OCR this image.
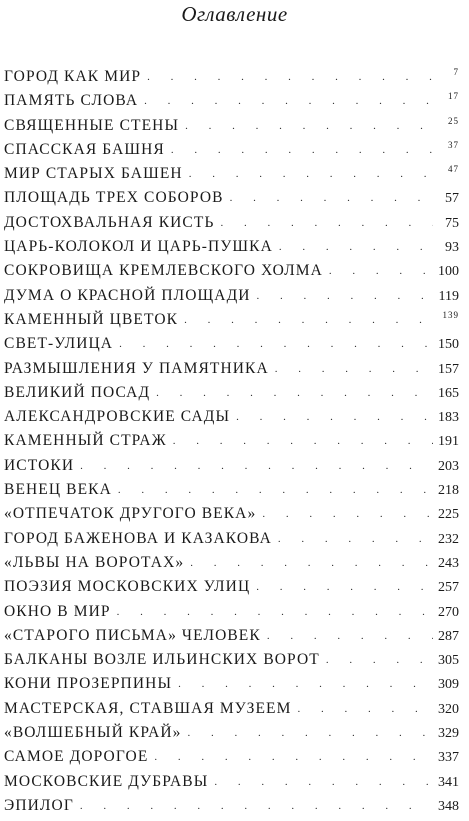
Оглавление
ГОРОД КАК МИР . . .	7
ПАМЯТЬ СЛОВА . . .	17
СВЯЩЕННЫЕ СТЕНЫ . . .	25
СПАССКАЯ БАШНЯ . . .	37
МИР СТАРЫХ БАШЕН . . .	47
ПЛОЩАДЬ ТРЕХ СОБОРОВ . . .	57
ДОСТОХВАЛЬНАЯ КИСТЬ . . .	75
ЦАРЬ-КОЛОКОЛ И ЦАРЬ-ПУШКА . . .	93
СОКРОВИЩА КРЕМЛЕВСКОГО ХОЛМА . . .	100
ДУМА О КРАСНОЙ ПЛОЩАДИ . . .	119
КАМЕННЫЙ ЦВЕТОК . . .	139
СВЕТ-УЛИЦА . . .	150
РАЗМЫШЛЕНИЯ У ПАМЯТНИКА . . .	157
ВЕЛИКИЙ ПОСАД . . .	165
АЛЕКСАНДРОВСКИЕ САДЫ . . .	183
КАМЕННЫЙ СТРАЖ . . .	191
ИСТОКИ . . .	203
ВЕНЕЦ ВЕКА . . .	218
«ОТПЕЧАТОК ДРУГОГО ВЕКА» . . .	225
ГОРОД БАЖЕНОВА И КАЗАКОВА . . .	232
«ЛЬВЫ НА ВОРОТАХ» . . .	243
ПОЭЗИЯ МОСКОВСКИХ УЛИЦ . . .	257
ОКНО В МИР . . .	270
«СТАРОГО ПИСЬМА» ЧЕЛОВЕК . . .	287
БАЛКАНЫ ВОЗЛЕ ИЛЬИНСКИХ ВОРОТ . . .	305
КОНИ ПРОЗЕРПИНЫ . . .	309
МАСТЕРСКАЯ, СТАВШАЯ МУЗЕЕМ . . .	320
«ВОЛШЕБНЫЙ КРАЙ» . . .	329
САМОЕ ДОРОГОЕ . . .	337
МОСКОВСКИЕ ДУБРАВЫ . . .	341
ЭПИЛОГ . . .	348
